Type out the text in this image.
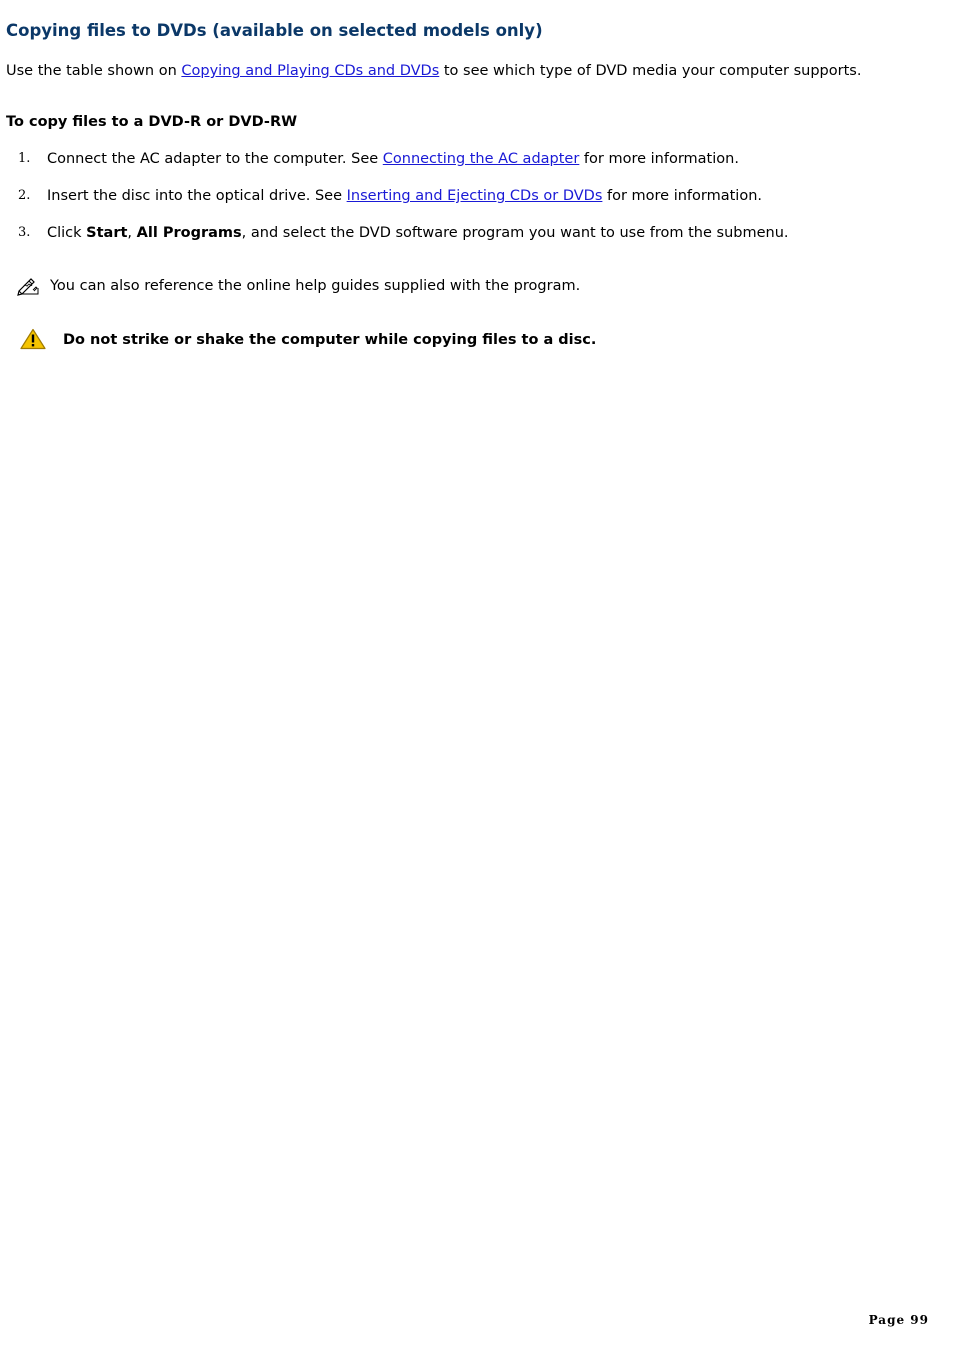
Copying files to DVDs (available on selected models only)

Use the table shown on Copying and Playing CDs and DVDs to see which type of DVD media your computer supports.

To copy files to a DVD-R or DVD-RW
1. Connect the AC adapter to the computer. See Connecting the AC adapter for more information.
2. Insert the disc into the optical drive. See Inserting and Ejecting CDs or DVDs for more information.
3. Click Start, All Programs, and select the DVD software program you want to use from the submenu.
You can also reference the online help guides supplied with the program.
Do not strike or shake the computer while copying files to a disc.
Page 99
